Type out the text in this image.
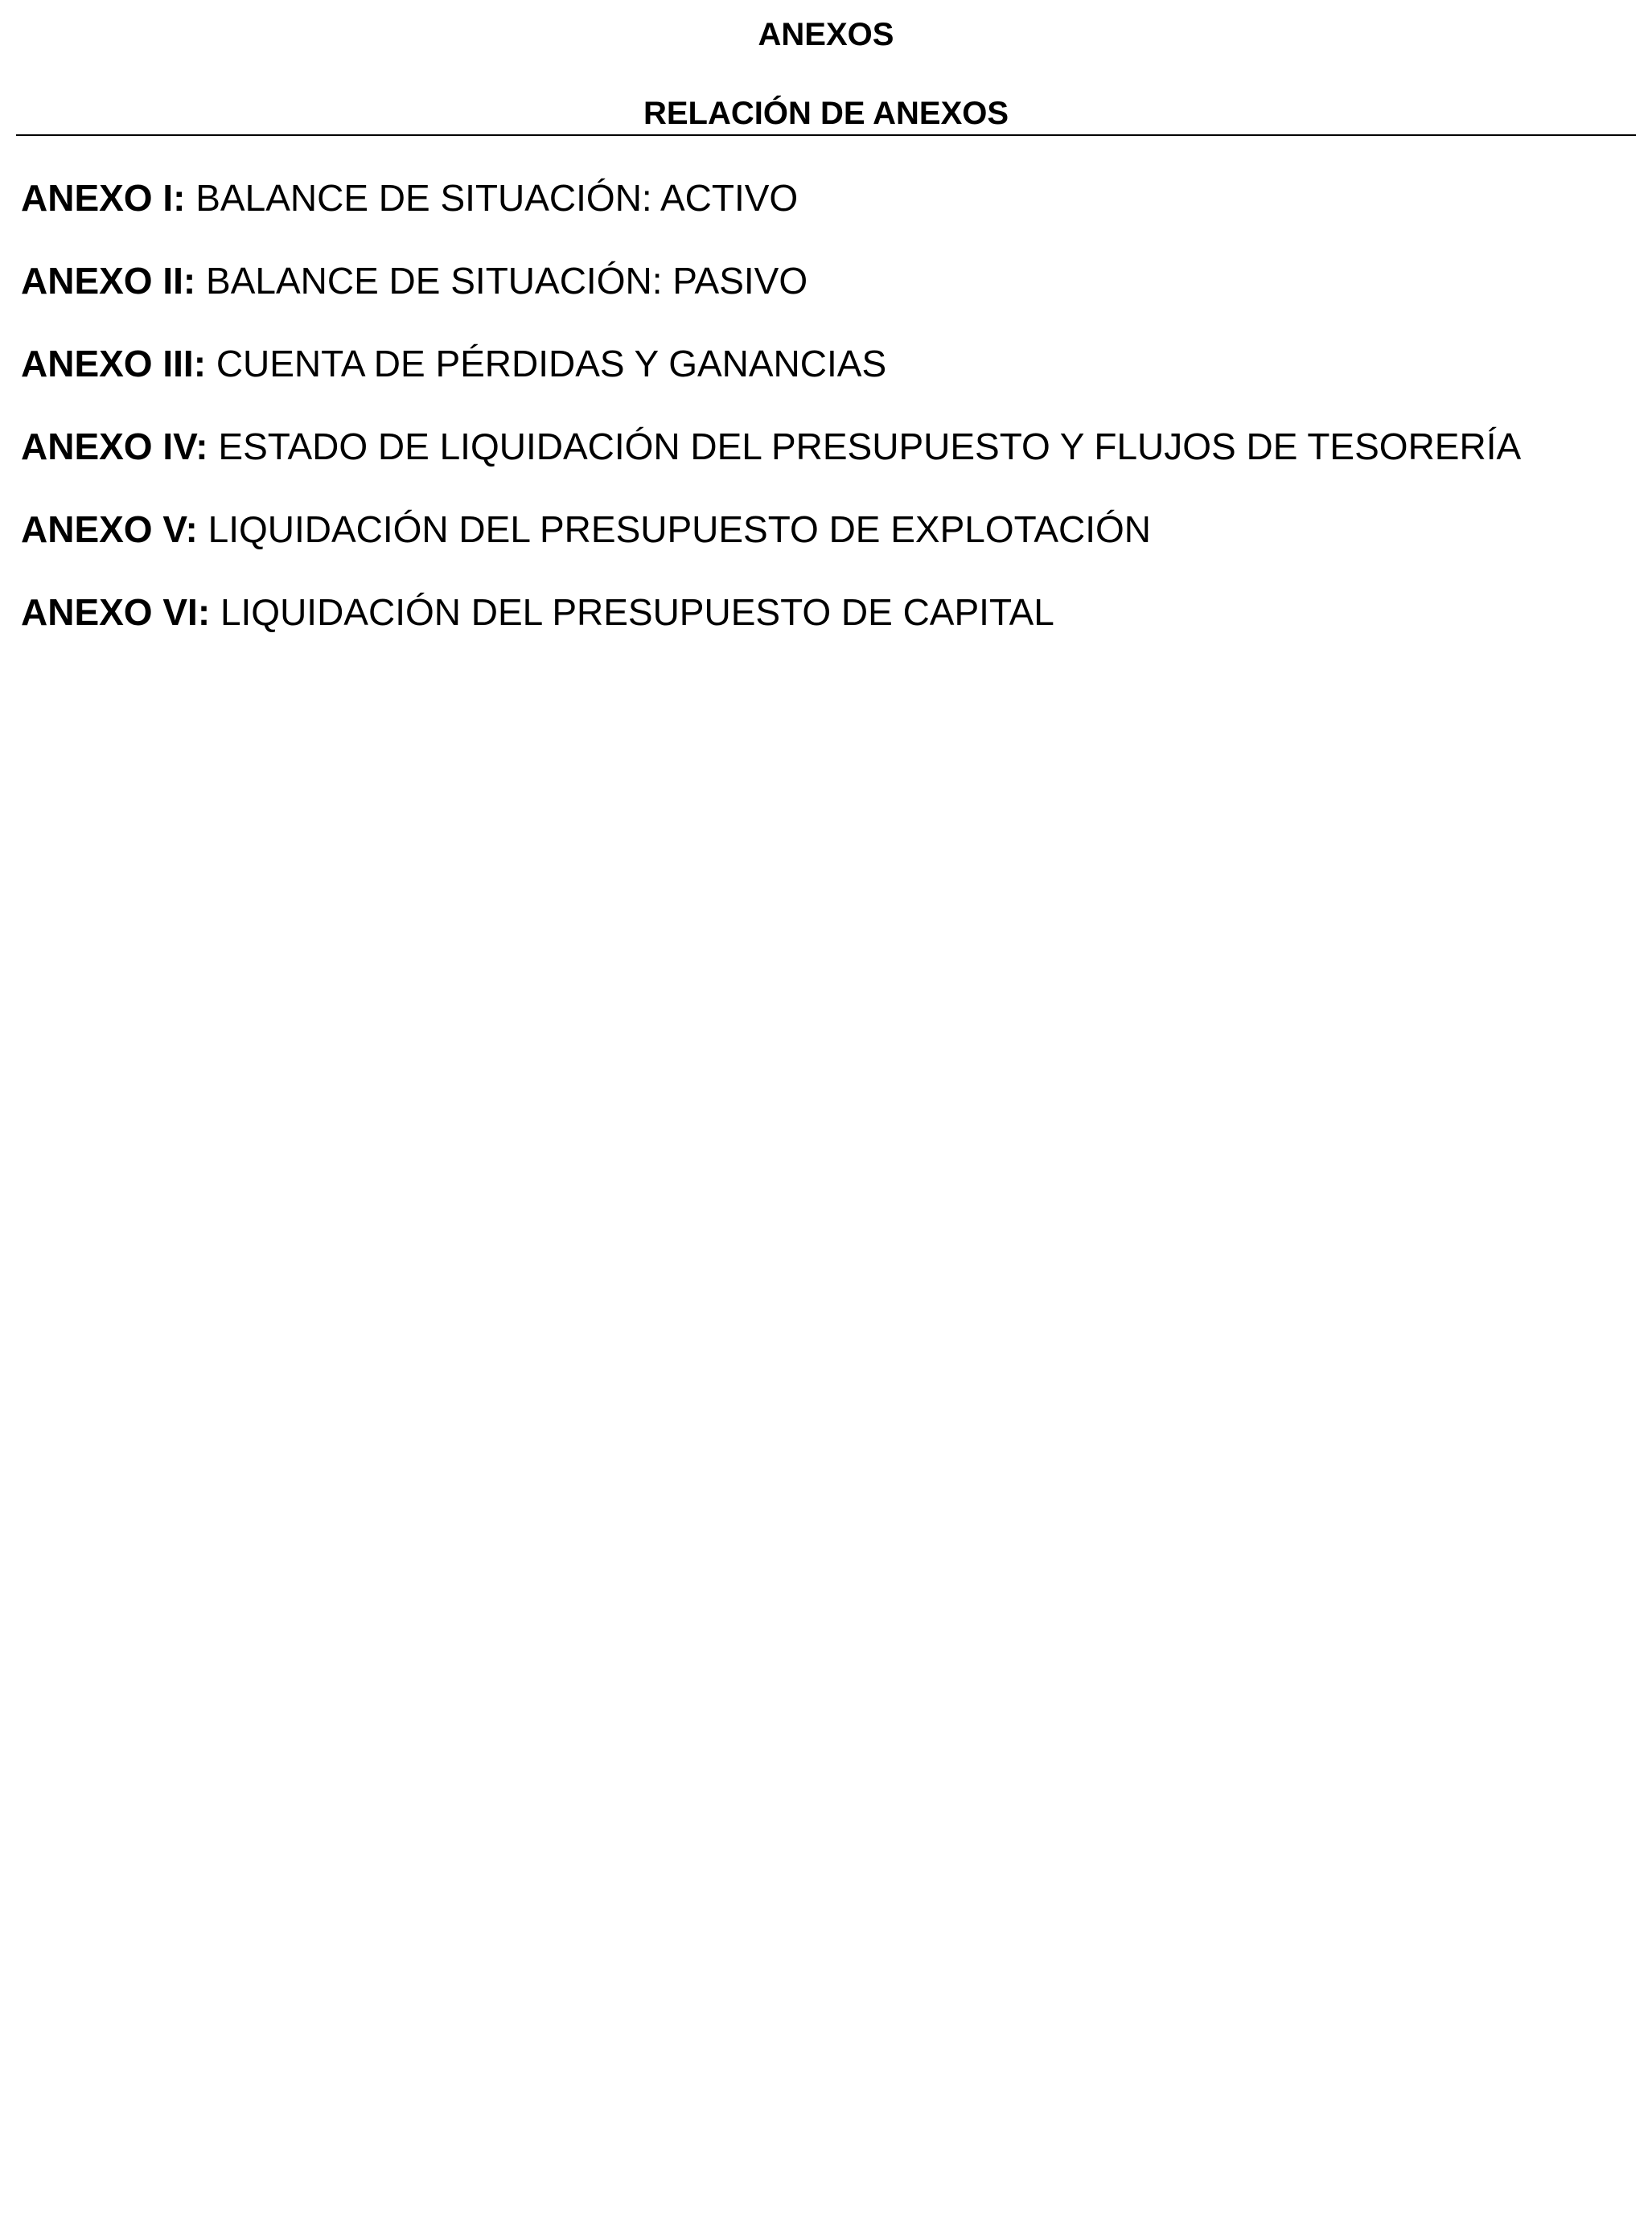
ANEXOS
RELACIÓN DE ANEXOS
ANEXO I: BALANCE DE SITUACIÓN: ACTIVO
ANEXO II: BALANCE DE SITUACIÓN: PASIVO
ANEXO III: CUENTA DE PÉRDIDAS Y GANANCIAS
ANEXO IV: ESTADO DE LIQUIDACIÓN DEL PRESUPUESTO Y FLUJOS DE TESORERÍA
ANEXO V: LIQUIDACIÓN DEL PRESUPUESTO DE EXPLOTACIÓN
ANEXO VI: LIQUIDACIÓN DEL PRESUPUESTO DE CAPITAL
